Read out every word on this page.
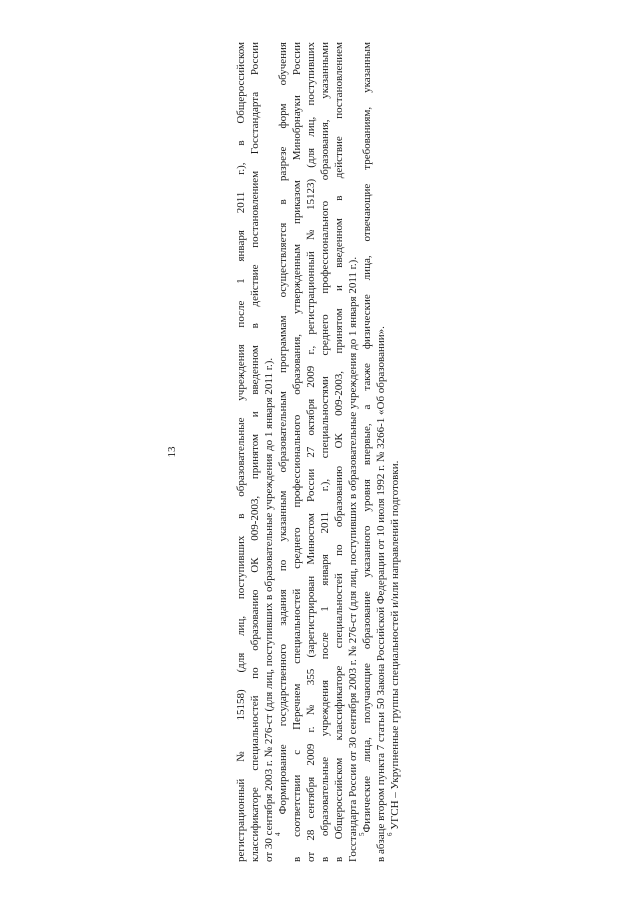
13	регистрационный № 15158) (для лиц, поступивших в образовательные учреждения после 1 января 2011 г.), в Общероссийском классификаторе специальностей по образованию ОК 009-2003, принятом и введенном в действие постановлением Госстандарта России от 30 сентября 2003 г. № 276-ст (для лиц, поступивших в образовательные учреждения до 1 января 2011 г.). $^4$ Формирование государственного задания по указанным образовательным программам осуществляется в разрезе форм обучения в соответствии с Перечнем специальностей среднего профессионального образования, утвержденным приказом Минобрнауки России от 28 сентября 2009 г. № 355 (зарегистрирован Минюстом России 27 октября 2009 г., регистрационный № 15123) (для лиц, поступивших в образовательные учреждения после 1 января 2011 г.), специальностями среднего профессионального образования, указанными в Общероссийском классификаторе специальностей по образованию ОК 009-2003, принятом и введенном в действие постановлением Госстандарта России от 30 сентября 2003 г. № 276-ст (для лиц, поступивших в образовательные учреждения до 1 января 2011 г.). $^5$Физические лица, получающие образование указанного уровня впервые, а также физические лица, отвечающие требованиям, указанным в абзаце втором пункта 7 статьи 50 Закона Российской Федерации от 10 июля 1992 г. № 3266-1 «Об образовании». $^6$ УГСН – Укрупненные группы специальностей и/или направлений подготовки.
